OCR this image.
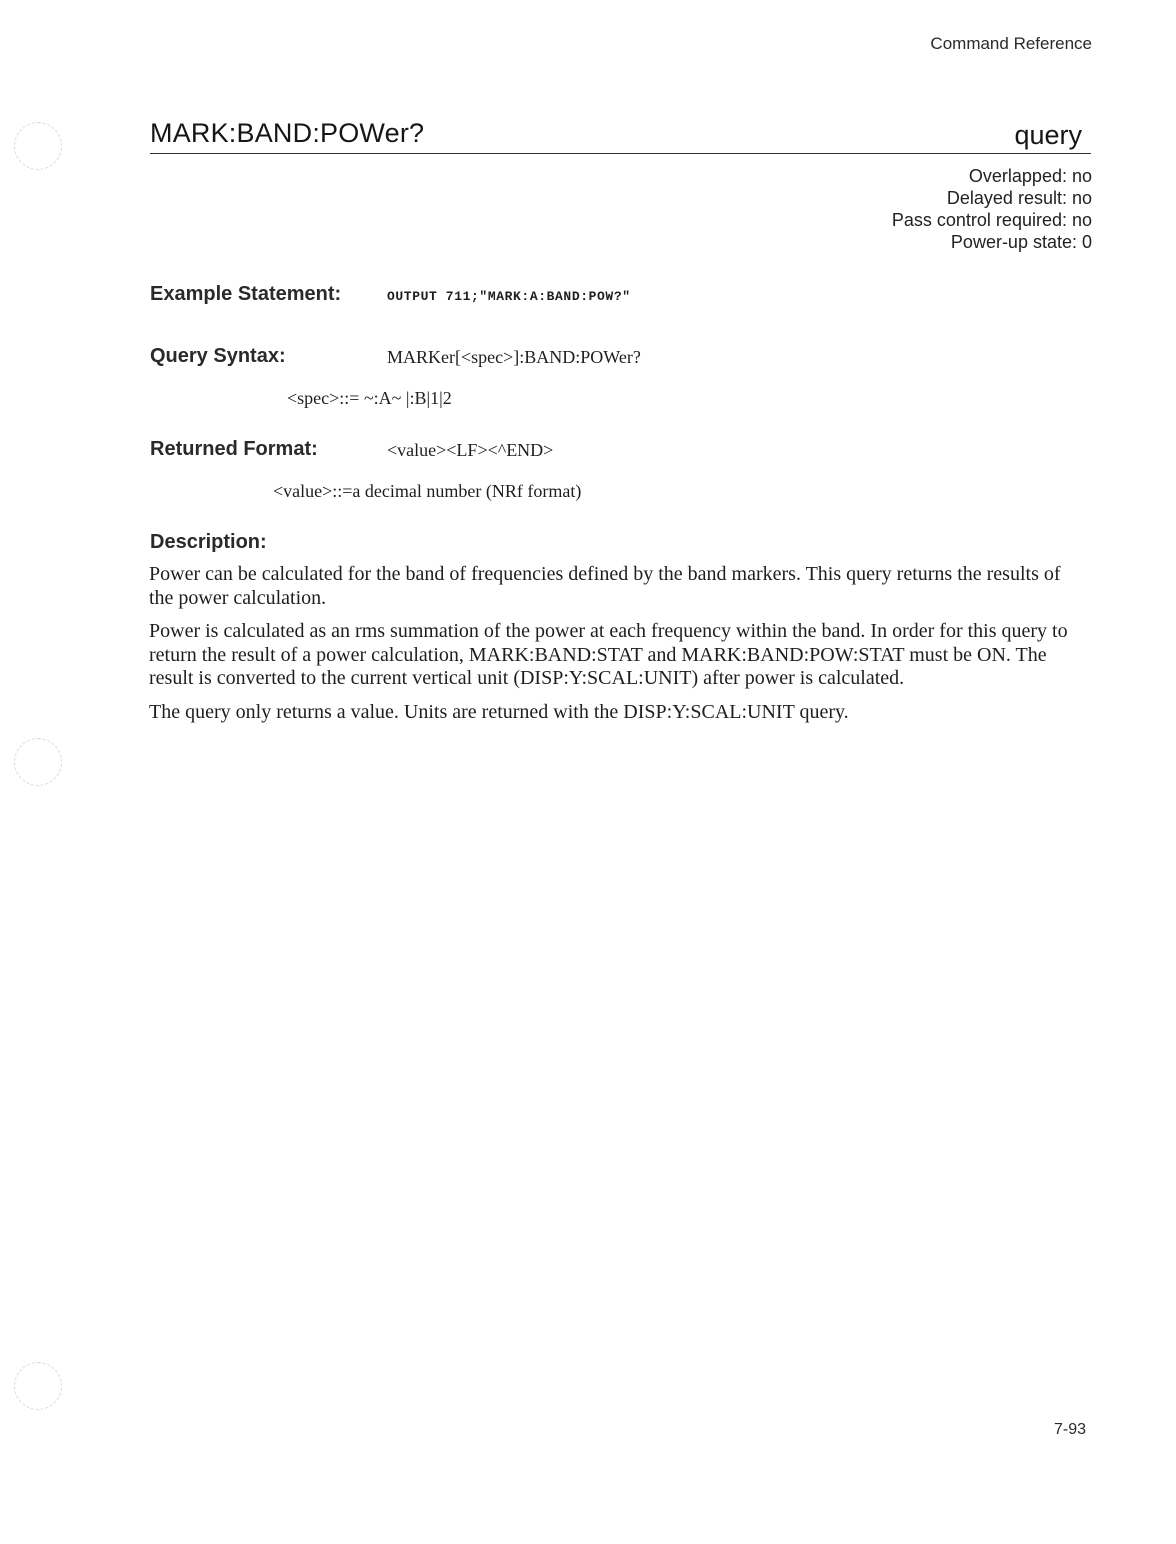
Command Reference
MARK:BAND:POWer?	query
Overlapped: no
Delayed result: no
Pass control required: no
Power-up state: 0
Example Statement:	OUTPUT 711;"MARK:A:BAND:POW?"
Query Syntax:	MARKer[<spec>]:BAND:POWer?
<spec>::= ~:A~ |:B|1|2
Returned Format:	<value><LF><^END>
<value>::=a decimal number (NRf format)
Description:

Power can be calculated for the band of frequencies defined by the band markers. This query returns the results of the power calculation.

Power is calculated as an rms summation of the power at each frequency within the band. In order for this query to return the result of a power calculation, MARK:BAND:STAT and MARK:BAND:POW:STAT must be ON. The result is converted to the current vertical unit (DISP:Y:SCAL:UNIT) after power is calculated.

The query only returns a value. Units are returned with the DISP:Y:SCAL:UNIT query.

7-93
